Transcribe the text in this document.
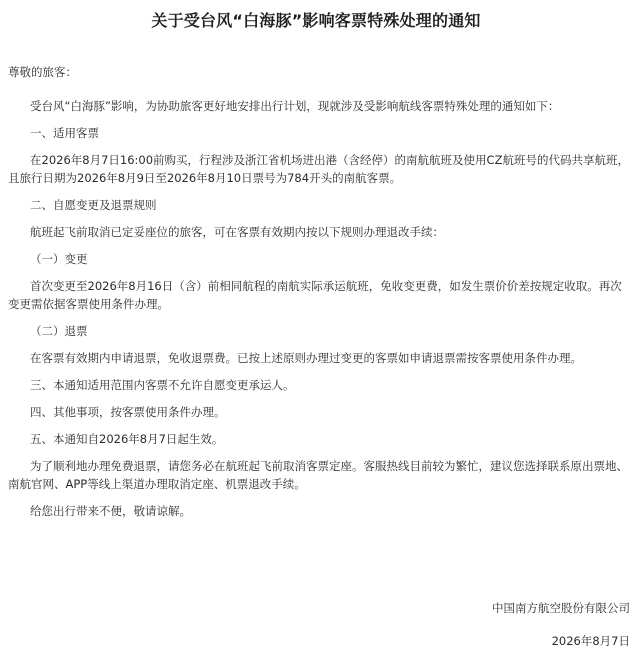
关于受台风“白海豚”影响客票特殊处理的通知
尊敬的旅客：

受台风“白海豚”影响，为协助旅客更好地安排出行计划，现就涉及受影响航线客票特殊处理的通知如下：

一、适用客票

在2026年8月7日16:00前购买，行程涉及浙江省机场进出港（含经停）的南航航班及使用CZ航班号的代码共享航班，且旅行日期为2026年8月9日至2026年8月10日票号为784开头的南航客票。

二、自愿变更及退票规则

航班起飞前取消已定妥座位的旅客，可在客票有效期内按以下规则办理退改手续：

（一）变更

首次变更至2026年8月16日（含）前相同航程的南航实际承运航班，免收变更费，如发生票价价差按规定收取。再次变更需依据客票使用条件办理。

（二）退票

在客票有效期内申请退票，免收退票费。已按上述原则办理过变更的客票如申请退票需按客票使用条件办理。

三、本通知适用范围内客票不允许自愿变更承运人。

四、其他事项，按客票使用条件办理。

五、本通知自2026年8月7日起生效。

为了顺利地办理免费退票，请您务必在航班起飞前取消客票定座。客服热线目前较为繁忙，建议您选择联系原出票地、南航官网、APP等线上渠道办理取消定座、机票退改手续。

给您出行带来不便，敬请谅解。

中国南方航空股份有限公司
2026年8月7日
